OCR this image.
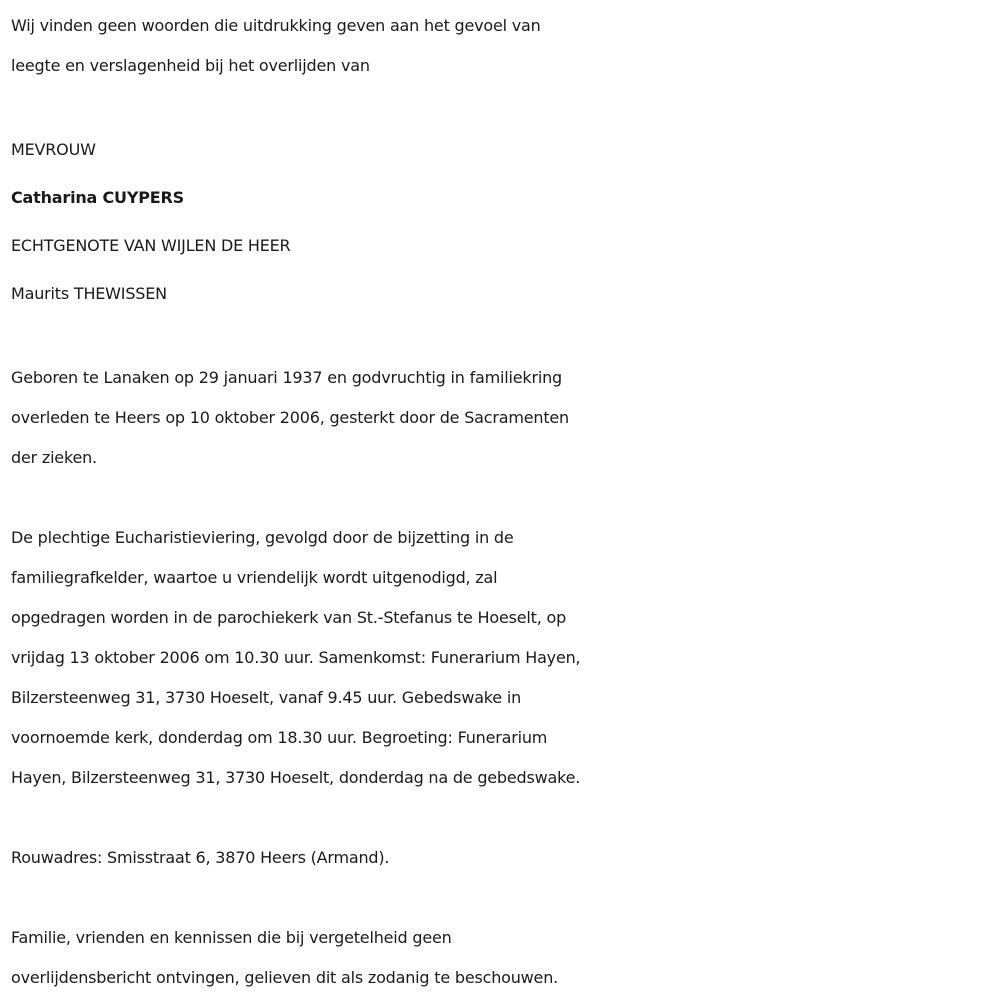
Wij vinden geen woorden die uitdrukking geven aan het gevoel van
leegte en verslagenheid bij het overlijden van
MEVROUW
Catharina CUYPERS
ECHTGENOTE VAN WIJLEN DE HEER
Maurits THEWISSEN
Geboren te Lanaken op 29 januari 1937 en godvruchtig in familiekring
overleden te Heers op 10 oktober 2006, gesterkt door de Sacramenten
der zieken.
De plechtige Eucharistieviering, gevolgd door de bijzetting in de
familiegrafkelder, waartoe u vriendelijk wordt uitgenodigd, zal
opgedragen worden in de parochiekerk van St.-Stefanus te Hoeselt, op
vrijdag 13 oktober 2006 om 10.30 uur. Samenkomst: Funerarium Hayen,
Bilzersteenweg 31, 3730 Hoeselt, vanaf 9.45 uur. Gebedswake in
voornoemde kerk, donderdag om 18.30 uur. Begroeting: Funerarium
Hayen, Bilzersteenweg 31, 3730 Hoeselt, donderdag na de gebedswake.
Rouwadres: Smisstraat 6, 3870 Heers (Armand).
Familie, vrienden en kennissen die bij vergetelheid geen
overlijdensbericht ontvingen, gelieven dit als zodanig te beschouwen.
